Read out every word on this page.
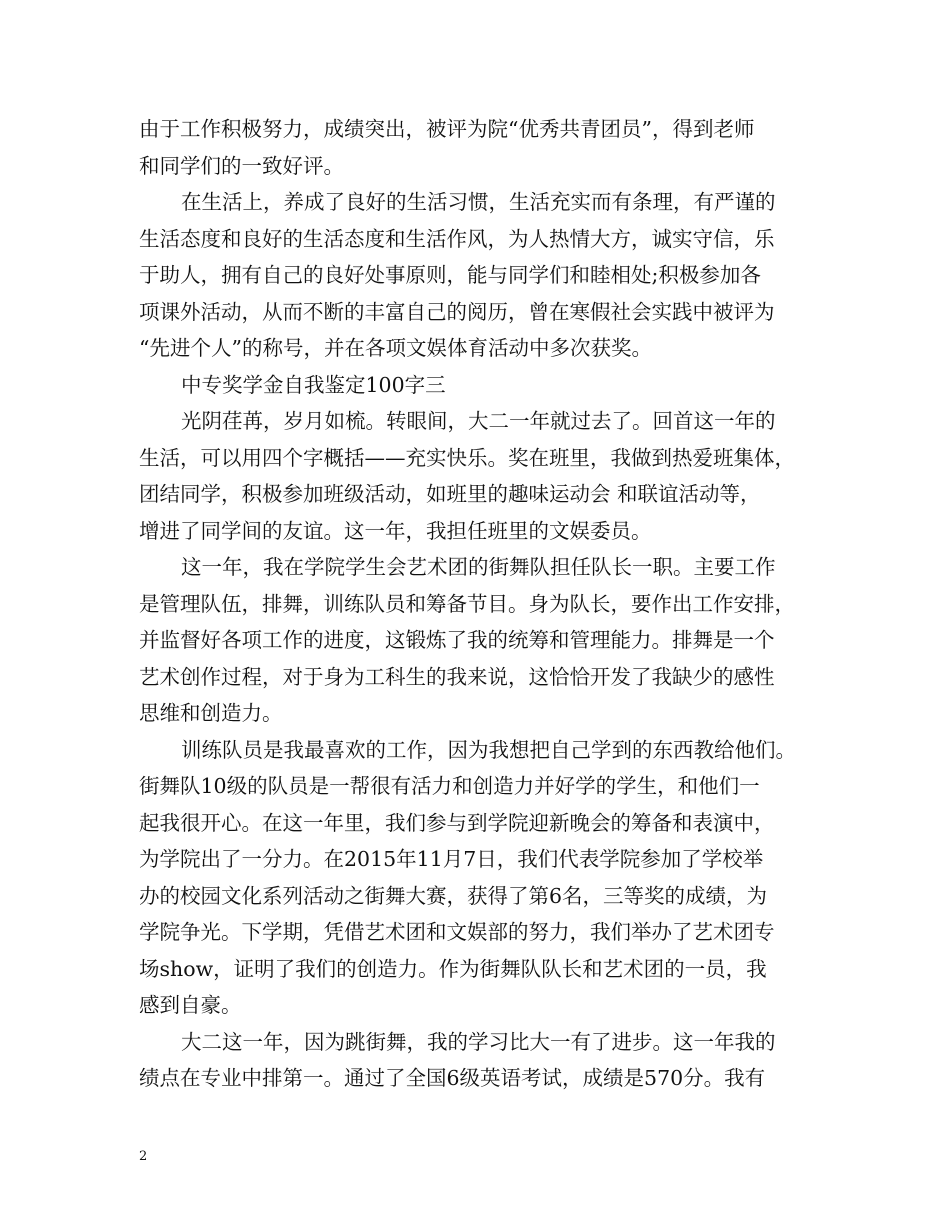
由于工作积极努力，成绩突出，被评为院“优秀共青团员”，得到老师
和同学们的一致好评。
在生活上，养成了良好的生活习惯，生活充实而有条理，有严谨的
生活态度和良好的生活态度和生活作风，为人热情大方，诚实守信，乐
于助人，拥有自己的良好处事原则，能与同学们和睦相处;积极参加各
项课外活动，从而不断的丰富自己的阅历，曾在寒假社会实践中被评为
“先进个人”的称号，并在各项文娱体育活动中多次获奖。
中专奖学金自我鉴定100字三
光阴荏苒，岁月如梳。转眼间，大二一年就过去了。回首这一年的
生活，可以用四个字概括——充实快乐。奖在班里，我做到热爱班集体，
团结同学，积极参加班级活动，如班里的趣味运动会 和联谊活动等，
增进了同学间的友谊。这一年，我担任班里的文娱委员。
这一年，我在学院学生会艺术团的街舞队担任队长一职。主要工作
是管理队伍，排舞，训练队员和筹备节目。身为队长，要作出工作安排，
并监督好各项工作的进度，这锻炼了我的统筹和管理能力。排舞是一个
艺术创作过程，对于身为工科生的我来说，这恰恰开发了我缺少的感性
思维和创造力。
训练队员是我最喜欢的工作，因为我想把自己学到的东西教给他们。
街舞队10级的队员是一帮很有活力和创造力并好学的学生，和他们一
起我很开心。在这一年里，我们参与到学院迎新晚会的筹备和表演中，
为学院出了一分力。在2015年11月7日，我们代表学院参加了学校举
办的校园文化系列活动之街舞大赛，获得了第6名，三等奖的成绩，为
学院争光。下学期，凭借艺术团和文娱部的努力，我们举办了艺术团专
场show，证明了我们的创造力。作为街舞队队长和艺术团的一员，我
感到自豪。
大二这一年，因为跳街舞，我的学习比大一有了进步。这一年我的
绩点在专业中排第一。通过了全国6级英语考试，成绩是570分。我有
2
